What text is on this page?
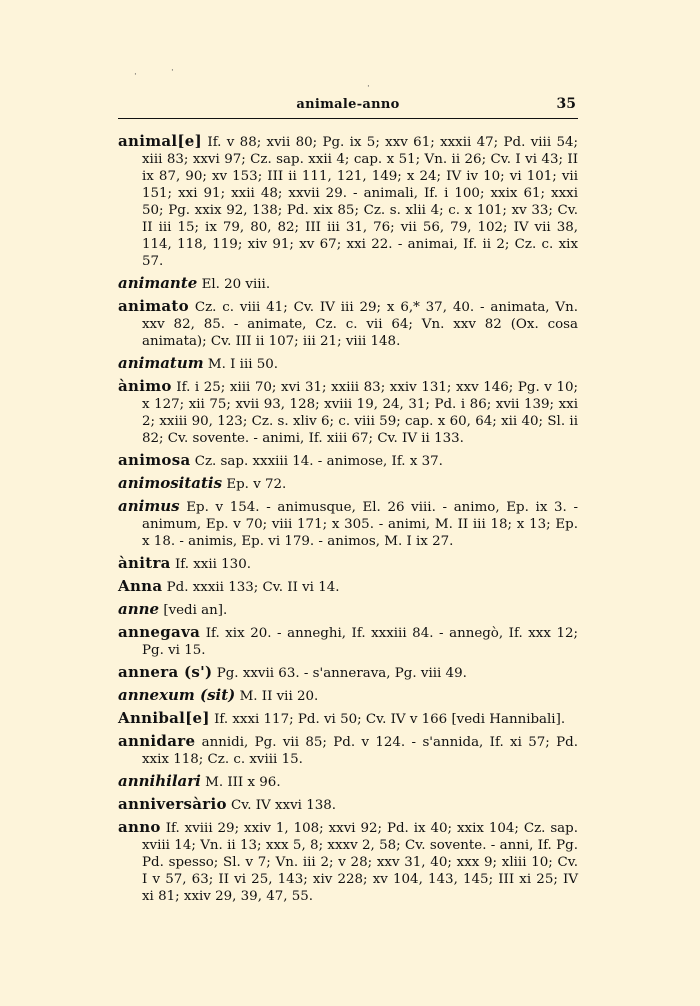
·	·
·
animale-anno	35

animal[e] If. v 88; xvii 80; Pg. ix 5; xxv 61; xxxii 47; Pd. viii 54; xiii 83; xxvi 97; Cz. sap. xxii 4; cap. x 51; Vn. ii 26; Cv. I vi 43; II ix 87, 90; xv 153; III ii 111, 121, 149; x 24; IV iv 10; vi 101; vii 151; xxi 91; xxii 48; xxvii 29. - animali, If. i 100; xxix 61; xxxi 50; Pg. xxix 92, 138; Pd. xix 85; Cz. s. xlii 4; c. x 101; xv 33; Cv. II iii 15; ix 79, 80, 82; III iii 31, 76; vii 56, 79, 102; IV vii 38, 114, 118, 119; xiv 91; xv 67; xxi 22. - animai, If. ii 2; Cz. c. xix 57.

animante El. 20 viii.

animato Cz. c. viii 41; Cv. IV iii 29; x 6,* 37, 40. - animata, Vn. xxv 82, 85. - animate, Cz. c. vii 64; Vn. xxv 82 (Ox. cosa animata); Cv. III ii 107; iii 21; viii 148.

animatum M. I iii 50.

ànimo If. i 25; xiii 70; xvi 31; xxiii 83; xxiv 131; xxv 146; Pg. v 10; x 127; xii 75; xvii 93, 128; xviii 19, 24, 31; Pd. i 86; xvii 139; xxi 2; xxiii 90, 123; Cz. s. xliv 6; c. viii 59; cap. x 60, 64; xii 40; Sl. ii 82; Cv. sovente. - animi, If. xiii 67; Cv. IV ii 133.

animosa Cz. sap. xxxiii 14. - animose, If. x 37.

animositatis Ep. v 72.

animus Ep. v 154. - animusque, El. 26 viii. - animo, Ep. ix 3. - animum, Ep. v 70; viii 171; x 305. - animi, M. II iii 18; x 13; Ep. x 18. - animis, Ep. vi 179. - animos, M. I ix 27.

ànitra If. xxii 130.

Anna Pd. xxxii 133; Cv. II vi 14.

anne [vedi an].

annegava If. xix 20. - anneghi, If. xxxiii 84. - annegò, If. xxx 12; Pg. vi 15.

annera (s') Pg. xxvii 63. - s'annerava, Pg. viii 49.

annexum (sit) M. II vii 20.

Annibal[e] If. xxxi 117; Pd. vi 50; Cv. IV v 166 [vedi Hannibali].

annidare annidi, Pg. vii 85; Pd. v 124. - s'annida, If. xi 57; Pd. xxix 118; Cz. c. xviii 15.

annihilari M. III x 96.

anniversàrio Cv. IV xxvi 138.

anno If. xviii 29; xxiv 1, 108; xxvi 92; Pd. ix 40; xxix 104; Cz. sap. xviii 14; Vn. ii 13; xxx 5, 8; xxxv 2, 58; Cv. sovente. - anni, If. Pg. Pd. spesso; Sl. v 7; Vn. iii 2; v 28; xxv 31, 40; xxx 9; xliii 10; Cv. I v 57, 63; II vi 25, 143; xiv 228; xv 104, 143, 145; III xi 25; IV xi 81; xxiv 29, 39, 47, 55.
